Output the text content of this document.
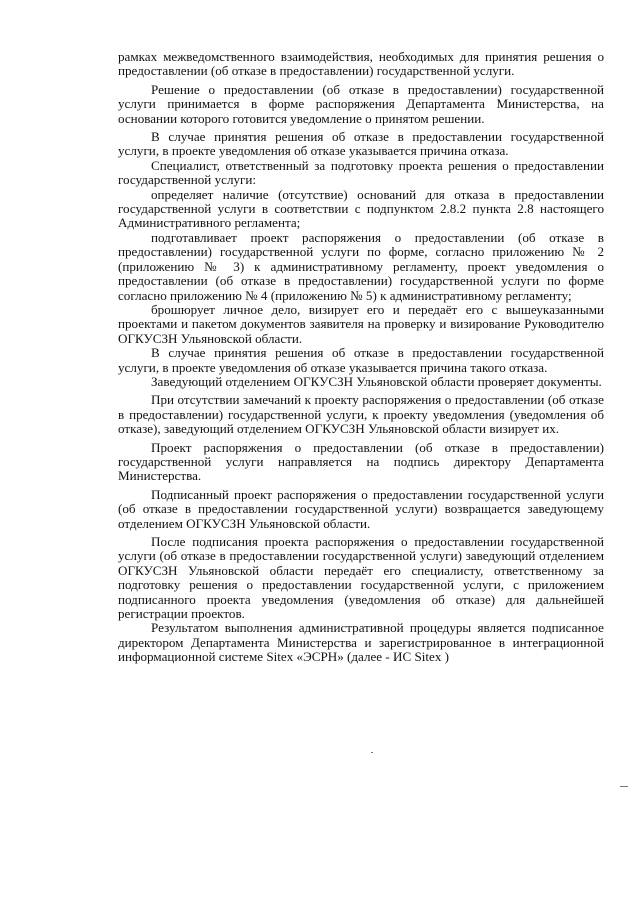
рамках межведомственного взаимодействия, необходимых для принятия решения о предоставлении (об отказе в предоставлении) государственной услуги.

Решение о предоставлении (об отказе в предоставлении) государственной услуги принимается в форме распоряжения Департамента Министерства, на основании которого готовится уведомление о принятом решении.

В случае принятия решения об отказе в предоставлении государственной услуги, в проекте уведомления об отказе указывается причина отказа.

Специалист, ответственный за подготовку проекта решения о предоставлении государственной услуги:

определяет наличие (отсутствие) оснований для отказа в предоставлении государственной услуги в соответствии с подпунктом 2.8.2 пункта 2.8 настоящего Административного регламента;

подготавливает проект распоряжения о предоставлении (об отказе в предоставлении) государственной услуги по форме, согласно приложению № 2 (приложению № 3) к административному регламенту, проект уведомления о предоставлении (об отказе в предоставлении) государственной услуги по форме согласно приложению № 4 (приложению № 5) к административному регламенту;

брошюрует личное дело, визирует его и передаёт его с вышеуказанными проектами и пакетом документов заявителя на проверку и визирование Руководителю ОГКУСЗН Ульяновской области.

В случае принятия решения об отказе в предоставлении государственной услуги, в проекте уведомления об отказе указывается причина такого отказа.

Заведующий отделением ОГКУСЗН Ульяновской области проверяет документы.

При отсутствии замечаний к проекту распоряжения о предоставлении (об отказе в предоставлении) государственной услуги, к проекту уведомления (уведомления об отказе), заведующий отделением ОГКУСЗН Ульяновской области визирует их.

Проект распоряжения о предоставлении (об отказе в предоставлении) государственной услуги направляется на подпись директору Департамента Министерства.

Подписанный проект распоряжения о предоставлении государственной услуги (об отказе в предоставлении государственной услуги) возвращается заведующему отделением ОГКУСЗН Ульяновской области.

После подписания проекта распоряжения о предоставлении государственной услуги (об отказе в предоставлении государственной услуги) заведующий отделением ОГКУСЗН Ульяновской области передаёт его специалисту, ответственному за подготовку решения о предоставлении государственной услуги, с приложением подписанного проекта уведомления (уведомления об отказе) для дальнейшей регистрации проектов.

Результатом выполнения административной процедуры является подписанное директором Департамента Министерства и зарегистрированное в интеграционной информационной системе Sitex «ЭСРН» (далее - ИС Sitex )
